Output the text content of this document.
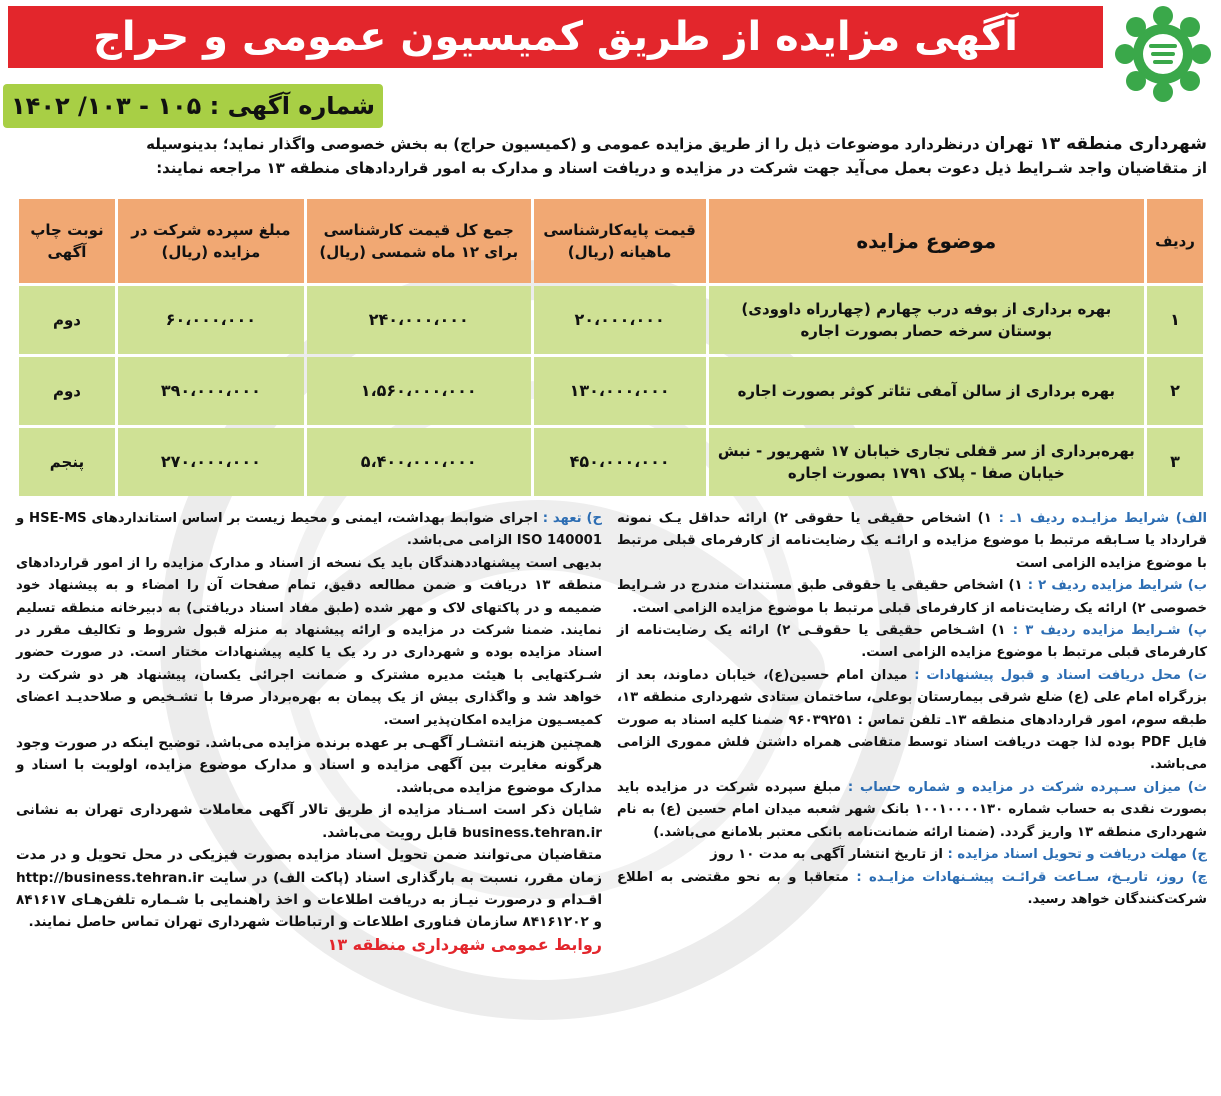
آگهی مزایده از طریق کمیسیون عمومی و حراج
شماره آگهی : ۱۰۵ - ۱۰۳/ ۱۴۰۲
شهرداری منطقه ۱۳ تهران درنظردارد موضوعات ذیل را از طریق مزایده عمومی و (کمیسیون حراج) به بخش خصوصی واگذار نماید؛ بدینوسیله
از متقاضیان واجد شـرایط ذیل دعوت بعمل می‌آید جهت شرکت در مزایده و دریافت اسناد و مدارک به امور قراردادهای منطقه ۱۳ مراجعه نمایند:
ردیف	موضوع مزایده	قیمت پایه‌کارشناسی ماهیانه (ریال)	جمع کل قیمت کارشناسی برای ۱۲ ماه شمسی (ریال)	مبلغ سپرده شرکت در مزایده (ریال)	نوبت چاپ آگهی
۱	بهره برداری از بوفه درب چهارم (چهارراه داوودی) بوستان سرخه حصار بصورت اجاره	۲۰،۰۰۰،۰۰۰	۲۴۰،۰۰۰،۰۰۰	۶۰،۰۰۰،۰۰۰	دوم
۲	بهره برداری از سالن آمفی تئاتر کوثر بصورت اجاره	۱۳۰،۰۰۰،۰۰۰	۱،۵۶۰،۰۰۰،۰۰۰	۳۹۰،۰۰۰،۰۰۰	دوم
۳	بهره‌برداری از سر قفلی تجاری خیابان ۱۷ شهریور - نبش خیابان صفا - پلاک ۱۷۹۱ بصورت اجاره	۴۵۰،۰۰۰،۰۰۰	۵،۴۰۰،۰۰۰،۰۰۰	۲۷۰،۰۰۰،۰۰۰	پنجم

الف) شرایط مزایـده ردیف ۱ـ : ۱) اشخاص حقیقی یا حقوقی ۲) ارائه حداقل یـک نمونه قرارداد یا سـابقه مرتبط با موضوع مزایده و ارائـه یک رضایت‌نامه از کارفرمای قبلی مرتبط با موضوع مزایده الزامی است

ب) شرایط مزایده ردیف ۲ : ۱) اشخاص حقیقی یا حقوقی طبق مستندات مندرج در شـرایط خصوصی ۲) ارائه یک رضایت‌نامه از کارفرمای قبلی مرتبط با موضوع مزایده الزامی است.

پ) شـرایط مزایده ردیف ۳ : ۱) اشـخاص حقیقی یا حقوقـی ۲) ارائه یک رضایت‌نامه از کارفرمای قبلی مرتبط با موضوع مزایده الزامی است.

ت) محل دریافت اسناد و قبول پیشنهادات : میدان امام حسین(ع)، خیابان دماوند، بعد از بزرگراه امام علی (ع) ضلع شرقی بیمارستان بوعلی، ساختمان ستادی شهرداری منطقه ۱۳، طبقه سوم، امور قراردادهای منطقه ۱۳ـ تلفن تماس : ۹۶۰۳۹۲۵۱ ضمنا کلیه اسناد به صورت فایل PDF بوده لذا جهت دریافت اسناد توسط متقاضی همراه داشتن فلش مموری الزامی می‌باشد.

ث) میزان سـپرده شرکت در مزایده و شماره حساب : مبلغ سپرده شرکت در مزایده باید بصورت نقدی به حساب شماره ۱۰۰۱۰۰۰۰۱۳۰ بانک شهر شعبه میدان امام حسین (ع) به نام شهرداری منطقه ۱۳ واریز گردد. (ضمنا ارائه ضمانت‌نامه بانکی معتبر بلامانع می‌باشد.)

ج) مهلت دریافت و تحویل اسناد مزایده : از تاریخ انتشار آگهی به مدت ۱۰ روز

چ) روز، تاریـخ، سـاعت قرائـت پیشـنهادات مزایـده : متعاقبا و به نحو مقتضی به اطلاع شرکت‌کنندگان خواهد رسید.

ح) تعهد : اجرای ضوابط بهداشت، ایمنی و محیط زیست بر اساس استانداردهای HSE-MS و ISO 140001 الزامی می‌باشد.

بدیهی است پیشنهاددهندگان باید یک نسخه از اسناد و مدارک مزایده را از امور قراردادهای منطقه ۱۳ دریافت و ضمن مطالعه دقیق، تمام صفحات آن را امضاء و به پیشنهاد خود ضمیمه و در پاکتهای لاک و مهر شده (طبق مفاد اسناد دریافتی) به دبیرخانه منطقه تسلیم نمایند. ضمنا شرکت در مزایده و ارائه پیشنهاد به منزله قبول شروط و تکالیف مقرر در اسناد مزایده بوده و شهرداری در رد یک یا کلیه پیشنهادات مختار است. در صورت حضور شـرکتهایی با هیئت مدیره مشترک و ضمانت اجرائی یکسان، پیشنهاد هر دو شرکت رد خواهد شد و واگذاری بیش از یک پیمان به بهره‌بردار صرفا با تشـخیص و صلاحدیـد اعضای کمیسـیون مزایده امکان‌پذیر است.

همچنین هزینه انتشـار آگهـی بر عهده برنده مزایده می‌باشد. توضیح اینکه در صورت وجود هرگونه مغایرت بین آگهی مزایده و اسناد و مدارک موضوع مزایده، اولویت با اسناد و مدارک موضوع مزایده می‌باشد.

شایان ذکر است اسـناد مزایده از طریق تالار آگهی معاملات شهرداری تهران به نشانی business.tehran.ir قابل رویت می‌باشد.

متقاضیان می‌توانند ضمن تحویل اسناد مزایده بصورت فیزیکی در محل تحویل و در مدت زمان مقرر، نسبت به بارگذاری اسناد (پاکت الف) در سایت http://business.tehran.ir اقـدام و درصورت نیـاز به دریافت اطلاعات و اخذ راهنمایی با شـماره تلفن‌هـای ۸۴۱۶۱۷ و ۸۴۱۶۱۲۰۲ سازمان فناوری اطلاعات و ارتباطات شهرداری تهران تماس حاصل نمایند.

روابط عمومی شهرداری منطقه ۱۳
